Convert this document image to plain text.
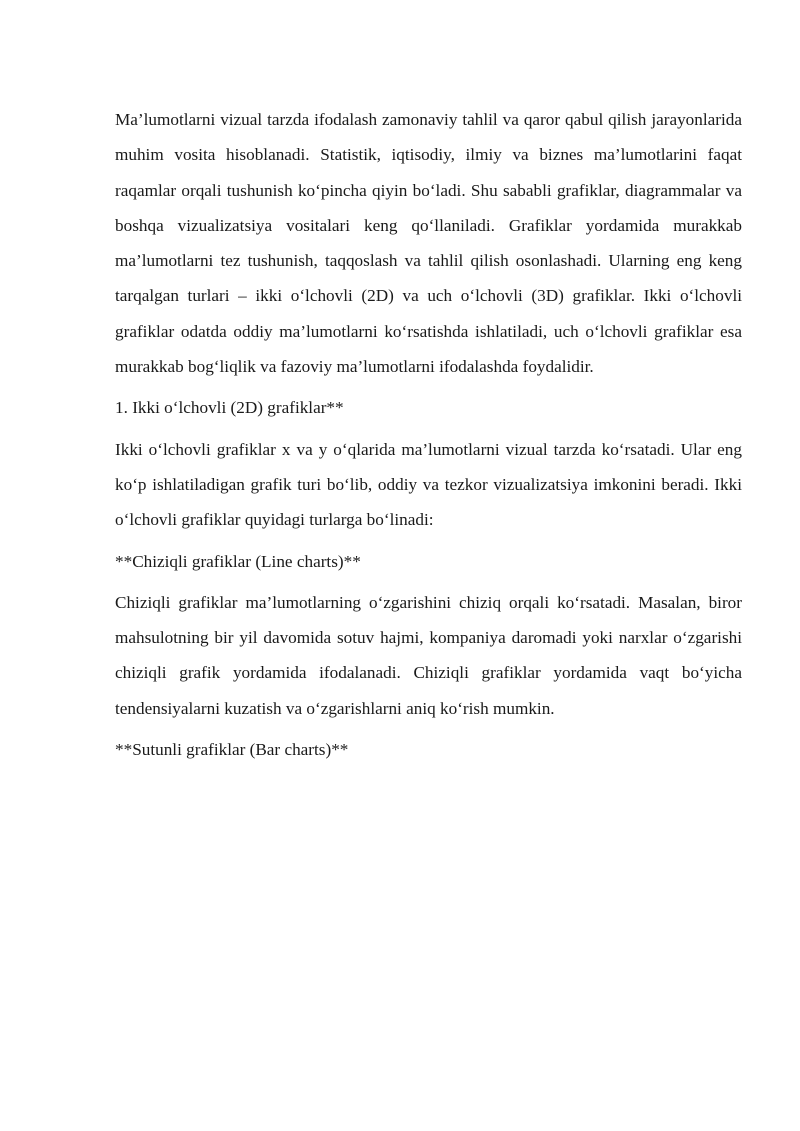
Ma’lumotlarni vizual tarzda ifodalash zamonaviy tahlil va qaror qabul qilish jarayonlarida muhim vosita hisoblanadi. Statistik, iqtisodiy, ilmiy va biznes ma’lumotlarini faqat raqamlar orqali tushunish ko‘pincha qiyin bo‘ladi. Shu sababli grafiklar, diagrammalar va boshqa vizualizatsiya vositalari keng qo‘llaniladi. Grafiklar yordamida murakkab ma’lumotlarni tez tushunish, taqqoslash va tahlil qilish osonlashadi. Ularning eng keng tarqalgan turlari – ikki o‘lchovli (2D) va uch o‘lchovli (3D) grafiklar. Ikki o‘lchovli grafiklar odatda oddiy ma’lumotlarni ko‘rsatishda ishlatiladi, uch o‘lchovli grafiklar esa murakkab bog‘liqlik va fazoviy ma’lumotlarni ifodalashda foydalidir.

1. Ikki o‘lchovli (2D) grafiklar**

Ikki o‘lchovli grafiklar x va y o‘qlarida ma’lumotlarni vizual tarzda ko‘rsatadi. Ular eng ko‘p ishlatiladigan grafik turi bo‘lib, oddiy va tezkor vizualizatsiya imkonini beradi. Ikki o‘lchovli grafiklar quyidagi turlarga bo‘linadi:

**Chiziqli grafiklar (Line charts)**

Chiziqli grafiklar ma’lumotlarning o‘zgarishini chiziq orqali ko‘rsatadi. Masalan, biror mahsulotning bir yil davomida sotuv hajmi, kompaniya daromadi yoki narxlar o‘zgarishi chiziqli grafik yordamida ifodalanadi. Chiziqli grafiklar yordamida vaqt bo‘yicha tendensiyalarni kuzatish va o‘zgarishlarni aniq ko‘rish mumkin.

**Sutunli grafiklar (Bar charts)**
